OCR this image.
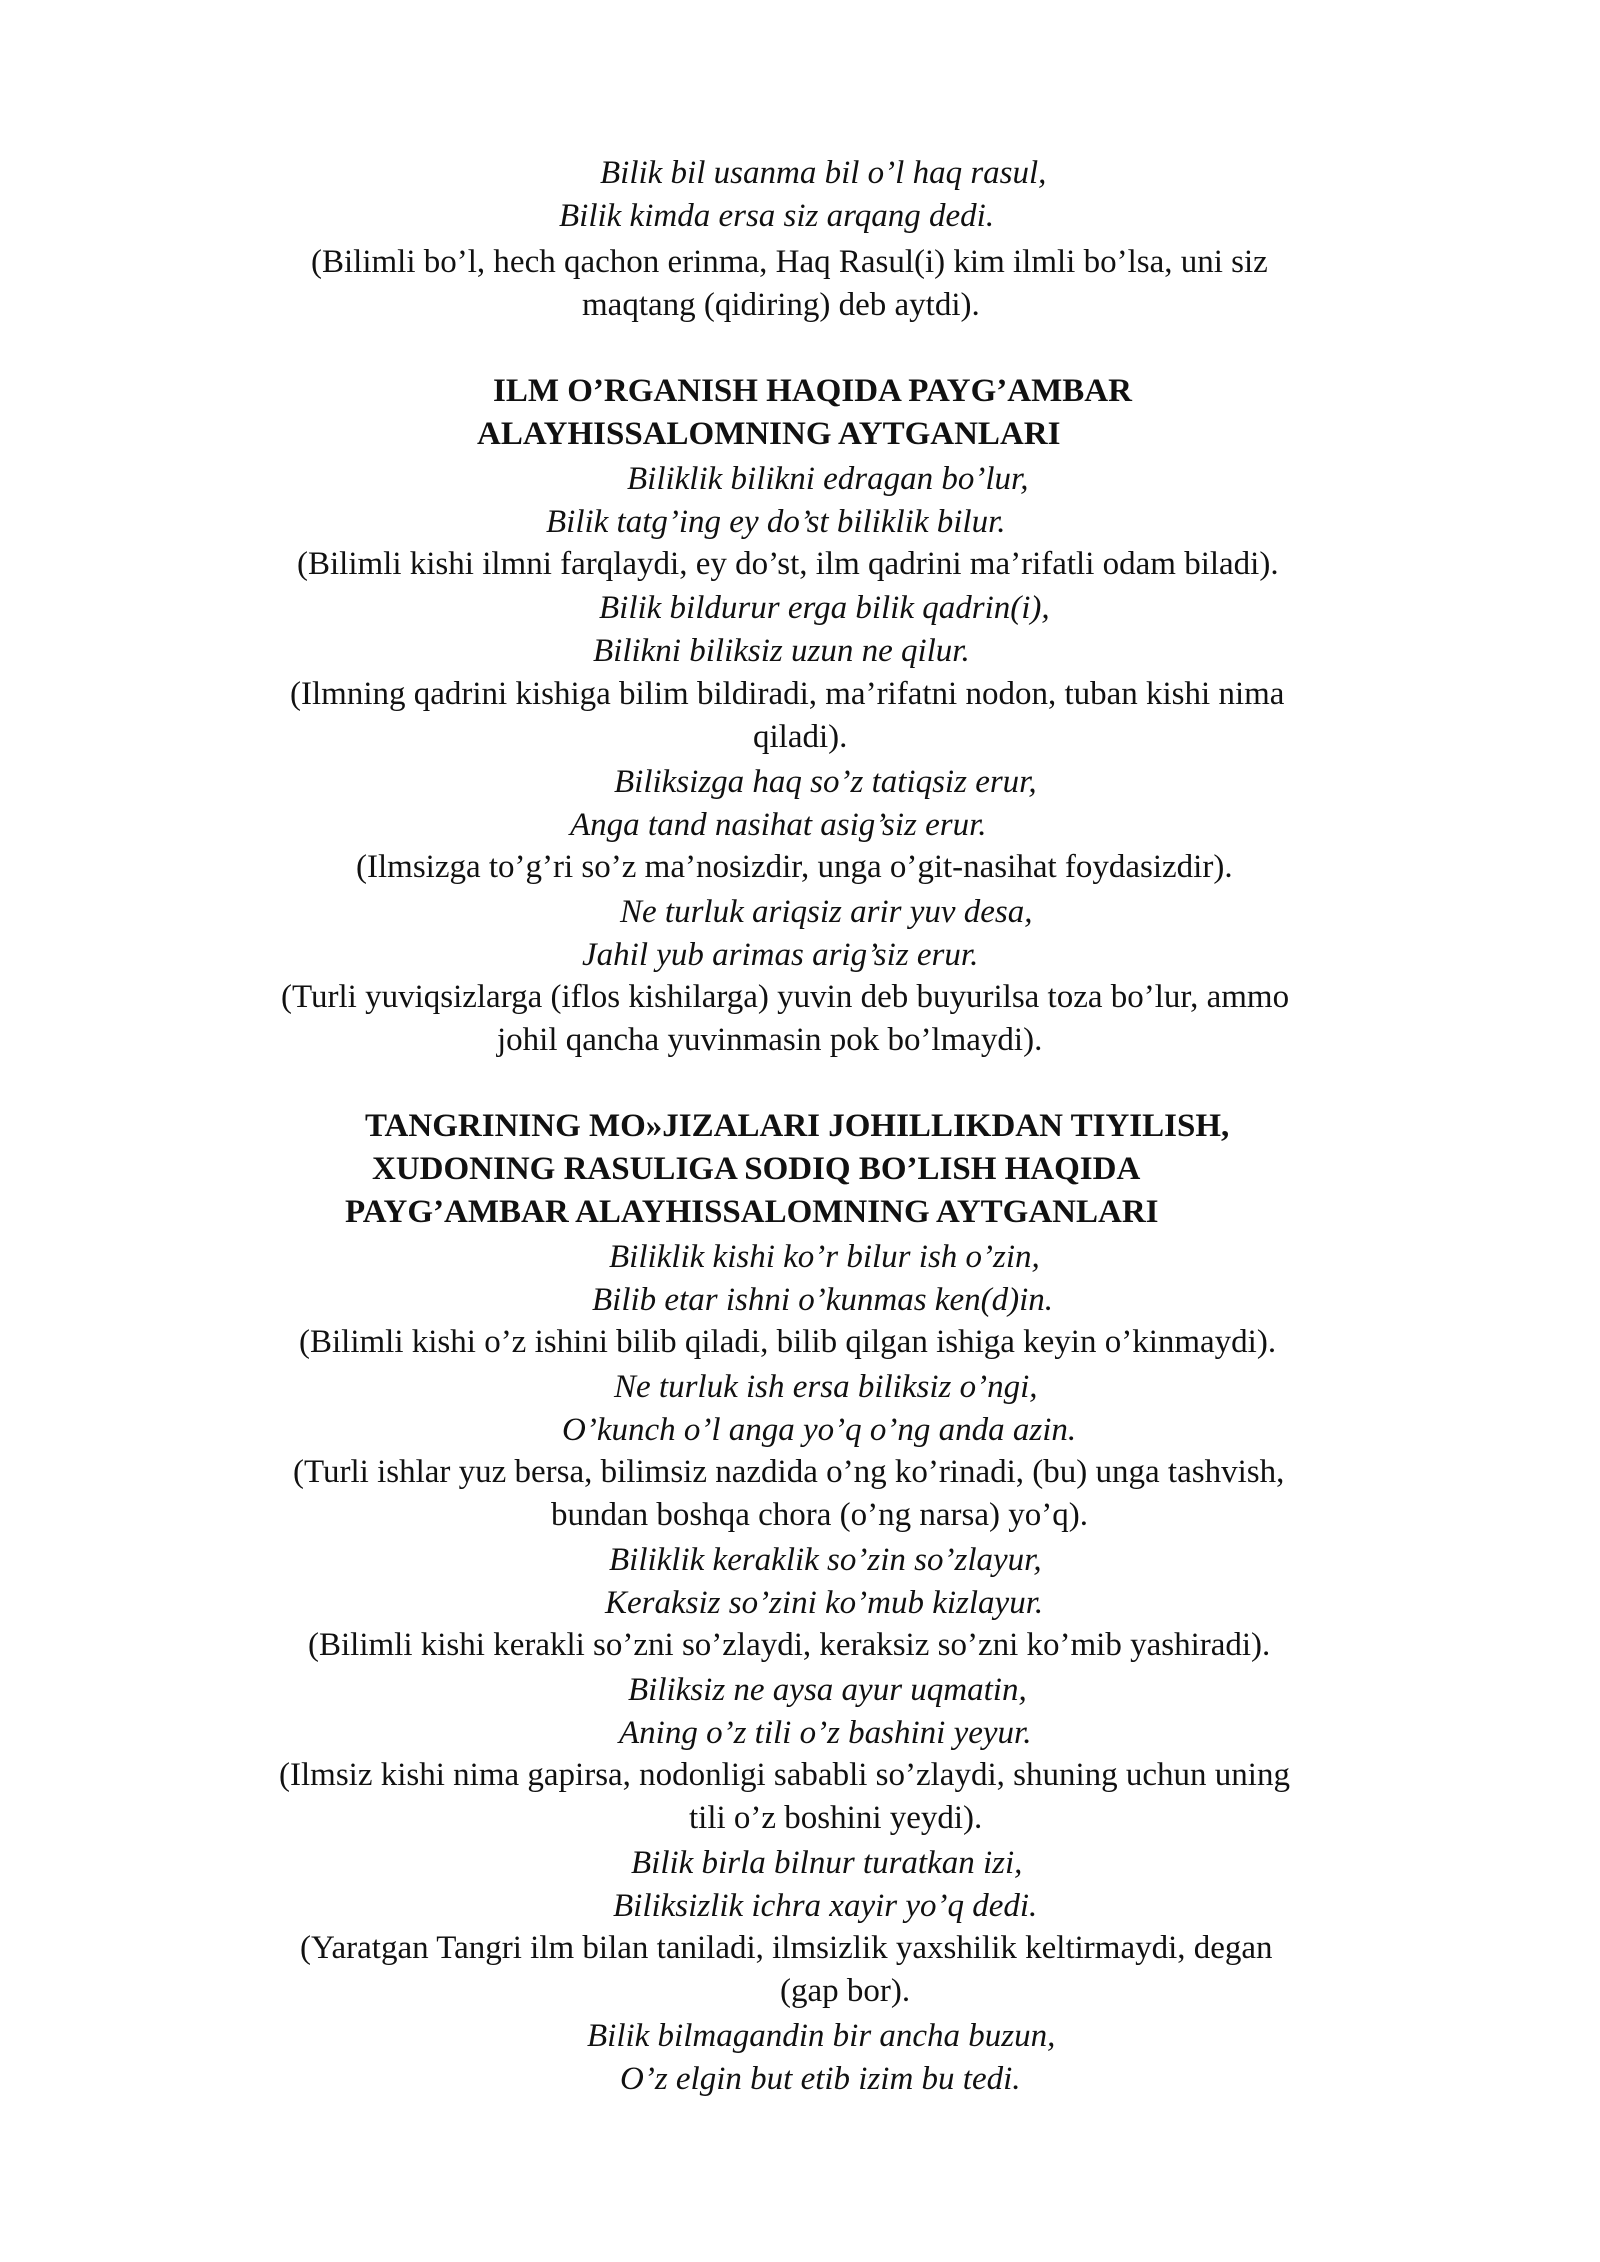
Bilik bil usanma bil o’l haq rasul,
Bilik kimda ersa siz arqang dedi.
(Bilimli bo’l, hech qachon erinma, Haq Rasul(i) kim ilmli bo’lsa, uni siz
maqtang (qidiring) deb aytdi).
ILM O’RGANISH HAQIDA PAYG’AMBAR
ALAYHISSALOMNING AYTGANLARI
Biliklik bilikni edragan bo’lur,
Bilik tatg’ing ey do’st biliklik bilur.
(Bilimli kishi ilmni farqlaydi, ey do’st, ilm qadrini ma’rifatli odam biladi).
Bilik bildurur erga bilik qadrin(i),
Bilikni biliksiz uzun ne qilur.
(Ilmning qadrini kishiga bilim bildiradi, ma’rifatni nodon, tuban kishi nima
qiladi).
Biliksizga haq so’z tatiqsiz erur,
Anga tand nasihat asig’siz erur.
(Ilmsizga to’g’ri so’z ma’nosizdir, unga o’git-nasihat foydasizdir).
Ne turluk ariqsiz arir yuv desa,
Jahil yub arimas arig’siz erur.
(Turli yuviqsizlarga (iflos kishilarga) yuvin deb buyurilsa toza bo’lur, ammo
johil qancha yuvinmasin pok bo’lmaydi).
TANGRINING MO»JIZALARI JOHILLIKDAN TIYILISH,
XUDONING RASULIGA SODIQ BO’LISH HAQIDA
PAYG’AMBAR ALAYHISSALOMNING AYTGANLARI
Biliklik kishi ko’r bilur ish o’zin,
Bilib etar ishni o’kunmas ken(d)in.
(Bilimli kishi o’z ishini bilib qiladi, bilib qilgan ishiga keyin o’kinmaydi).
Ne turluk ish ersa biliksiz o’ngi,
O’kunch o’l anga yo’q o’ng anda azin.
(Turli ishlar yuz bersa, bilimsiz nazdida o’ng ko’rinadi, (bu) unga tashvish,
bundan boshqa chora (o’ng narsa) yo’q).
Biliklik keraklik so’zin so’zlayur,
Keraksiz so’zini ko’mub kizlayur.
(Bilimli kishi kerakli so’zni so’zlaydi, keraksiz so’zni ko’mib yashiradi).
Biliksiz ne aysa ayur uqmatin,
Aning o’z tili o’z bashini yeyur.
(Ilmsiz kishi nima gapirsa, nodonligi sababli so’zlaydi, shuning uchun uning
tili o’z boshini yeydi).
Bilik birla bilnur turatkan izi,
Biliksizlik ichra xayir yo’q dedi.
(Yaratgan Tangri ilm bilan taniladi, ilmsizlik yaxshilik keltirmaydi, degan
(gap bor).
Bilik bilmagandin bir ancha buzun,
O’z elgin but etib izim bu tedi.
